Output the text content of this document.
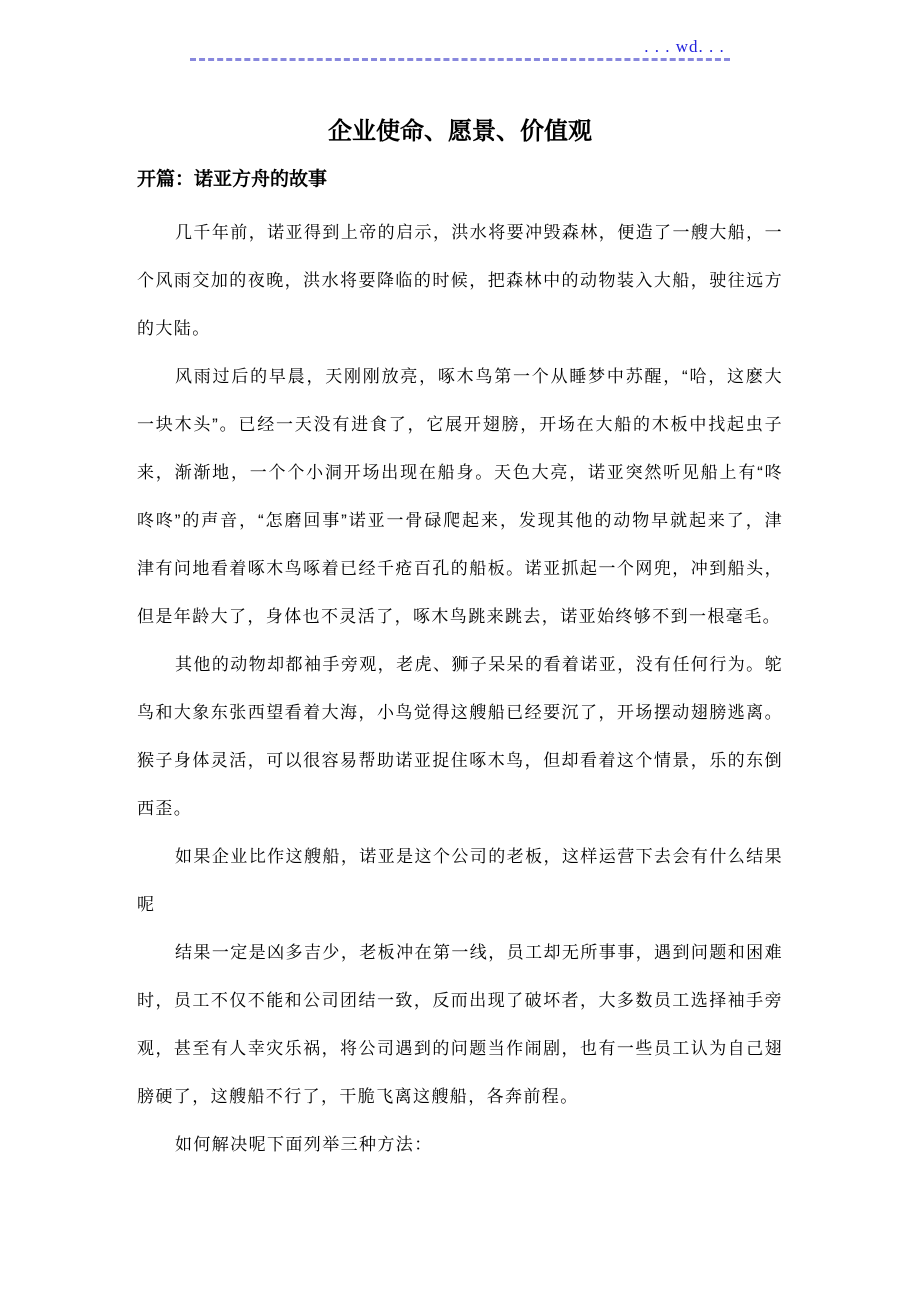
. . . wd. . .
企业使命、愿景、价值观
开篇：诺亚方舟的故事

几千年前，诺亚得到上帝的启示，洪水将要冲毁森林，便造了一艘大船，一个风雨交加的夜晚，洪水将要降临的时候，把森林中的动物装入大船，驶往远方的大陆。

风雨过后的早晨，天刚刚放亮，啄木鸟第一个从睡梦中苏醒，“哈，这麽大一块木头”。已经一天没有进食了，它展开翅膀，开场在大船的木板中找起虫子来，渐渐地，一个个小洞开场出现在船身。天色大亮，诺亚突然听见船上有“咚咚咚”的声音，“怎磨回事”诺亚一骨碌爬起来，发现其他的动物早就起来了，津津有问地看着啄木鸟啄着已经千疮百孔的船板。诺亚抓起一个网兜，冲到船头，但是年龄大了，身体也不灵活了，啄木鸟跳来跳去，诺亚始终够不到一根毫毛。

其他的动物却都袖手旁观，老虎、狮子呆呆的看着诺亚，没有任何行为。鸵鸟和大象东张西望看着大海，小鸟觉得这艘船已经要沉了，开场摆动翅膀逃离。猴子身体灵活，可以很容易帮助诺亚捉住啄木鸟，但却看着这个情景，乐的东倒西歪。

如果企业比作这艘船，诺亚是这个公司的老板，这样运营下去会有什么结果呢

结果一定是凶多吉少，老板冲在第一线，员工却无所事事，遇到问题和困难时，员工不仅不能和公司团结一致，反而出现了破坏者，大多数员工选择袖手旁观，甚至有人幸灾乐祸，将公司遇到的问题当作闹剧，也有一些员工认为自己翅膀硬了，这艘船不行了，干脆飞离这艘船，各奔前程。

如何解决呢下面列举三种方法：
